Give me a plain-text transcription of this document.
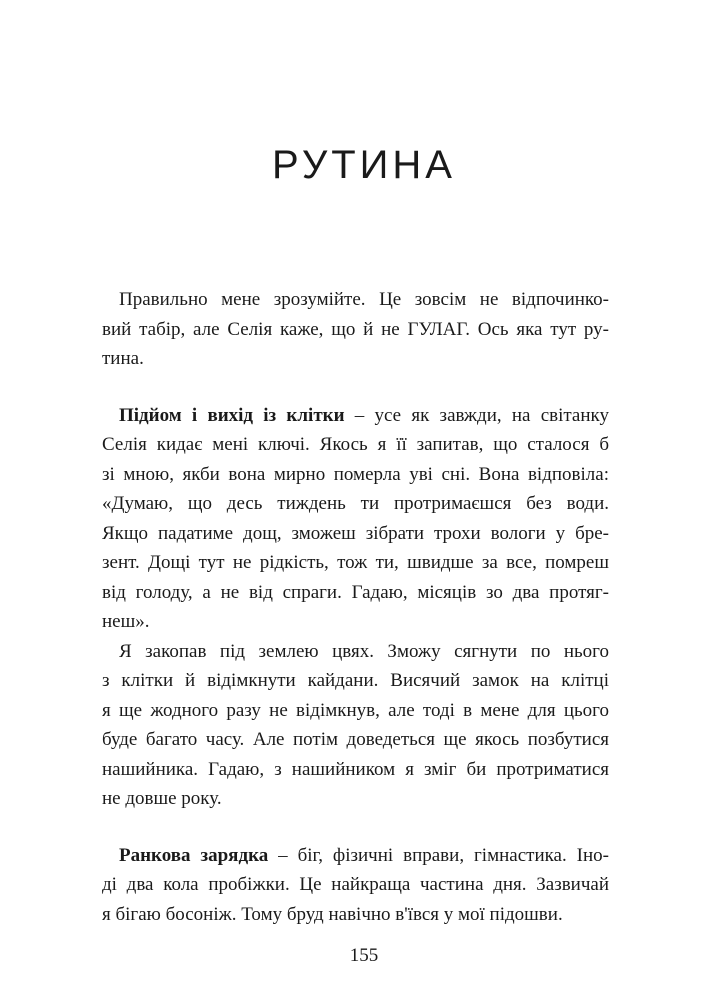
РУТИНА

Правильно мене зрозумійте. Це зовсім не відпочинко-
вий табір, але Селія каже, що й не ГУЛАГ. Ось яка тут ру-
тина.

Підйом і вихід із клітки – усе як завжди, на світанку
Селія кидає мені ключі. Якось я її запитав, що сталося б
зі мною, якби вона мирно померла уві сні. Вона відповіла:
«Думаю, що десь тиждень ти протримаєшся без води.
Якщо падатиме дощ, зможеш зібрати трохи вологи у бре-
зент. Дощі тут не рідкість, тож ти, швидше за все, помреш
від голоду, а не від спраги. Гадаю, місяців зо два протяг-
неш».

Я закопав під землею цвях. Зможу сягнути по нього
з клітки й відімкнути кайдани. Висячий замок на клітці
я ще жодного разу не відімкнув, але тоді в мене для цього
буде багато часу. Але потім доведеться ще якось позбутися
нашийника. Гадаю, з нашийником я зміг би протриматися
не довше року.

Ранкова зарядка – біг, фізичні вправи, гімнастика. Іно-
ді два кола пробіжки. Це найкраща частина дня. Зазвичай
я бігаю босоніж. Тому бруд навічно в'ївся у мої підошви.

155
